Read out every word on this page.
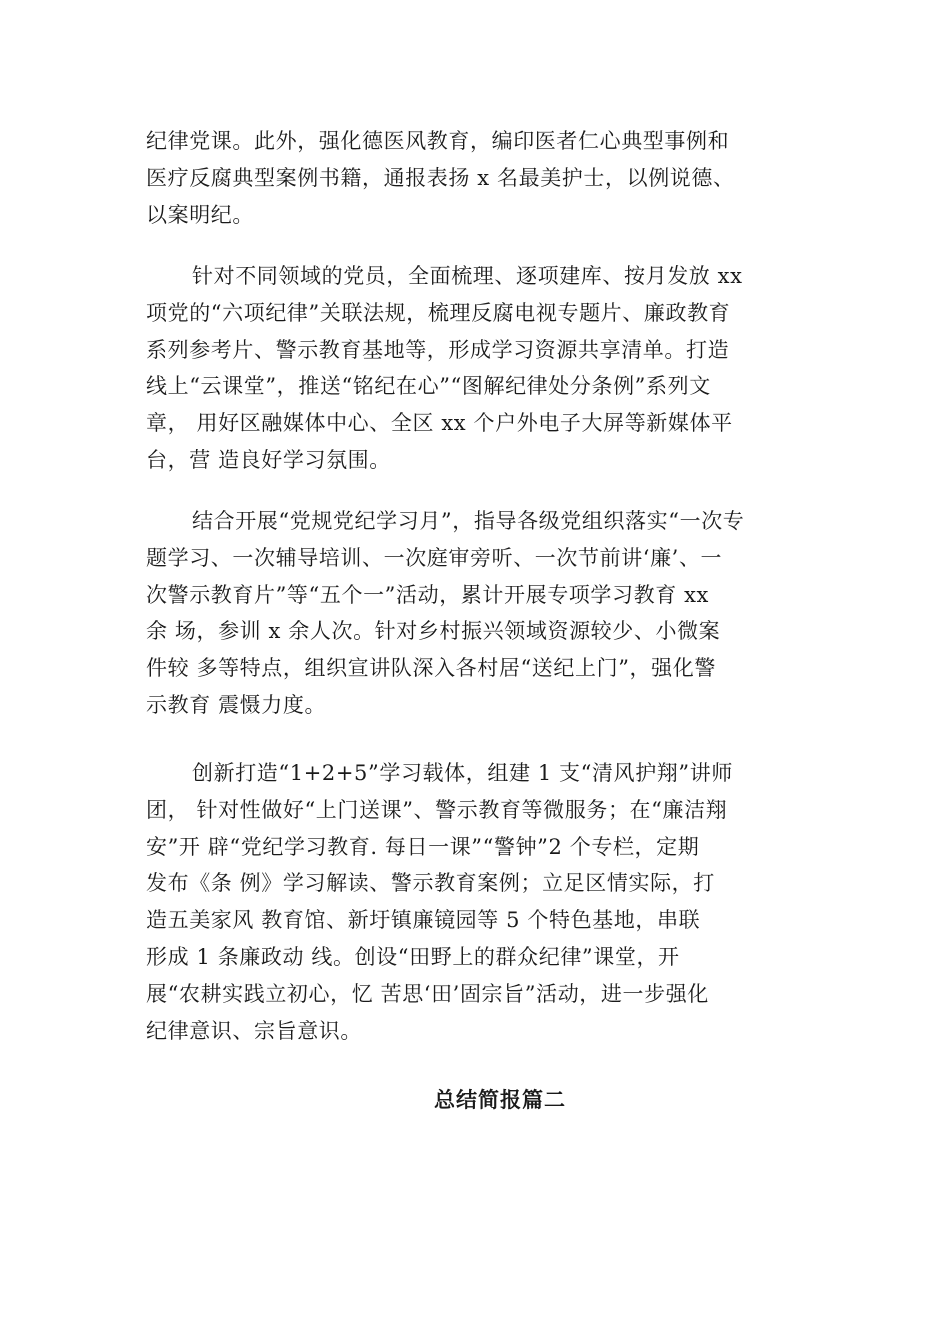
纪律党课。此外，强化德医风教育，编印医者仁心典型事例和
医疗反腐典型案例书籍，通报表扬 x 名最美护士，以例说德、
以案明纪。
针对不同领域的党员，全面梳理、逐项建库、按月发放 xx
项党的“六项纪律”关联法规，梳理反腐电视专题片、廉政教育
系列参考片、警示教育基地等，形成学习资源共享清单。打造
线上“云课堂”，推送“铭纪在心”“图解纪律处分条例”系列文
章， 用好区融媒体中心、全区 xx 个户外电子大屏等新媒体平
台，营 造良好学习氛围。
结合开展“党规党纪学习月”，指导各级党组织落实“一次专
题学习、一次辅导培训、一次庭审旁听、一次节前讲‘廉’、一
次警示教育片”等“五个一”活动，累计开展专项学习教育 xx
余 场，参训 x 余人次。针对乡村振兴领域资源较少、小微案
件较 多等特点，组织宣讲队深入各村居“送纪上门”，强化警
示教育 震慑力度。
创新打造“1+2+5”学习载体，组建 1 支“清风护翔”讲师
团， 针对性做好“上门送课”、警示教育等微服务；在“廉洁翔
安”开 辟“党纪学习教育. 每日一课”“警钟”2 个专栏，定期
发布《条 例》学习解读、警示教育案例；立足区情实际，打
造五美家风 教育馆、新圩镇廉镜园等 5 个特色基地，串联
形成 1 条廉政动 线。创设“田野上的群众纪律”课堂，开
展“农耕实践立初心，忆 苦思‘田’固宗旨”活动，进一步强化
纪律意识、宗旨意识。
总结简报篇二
